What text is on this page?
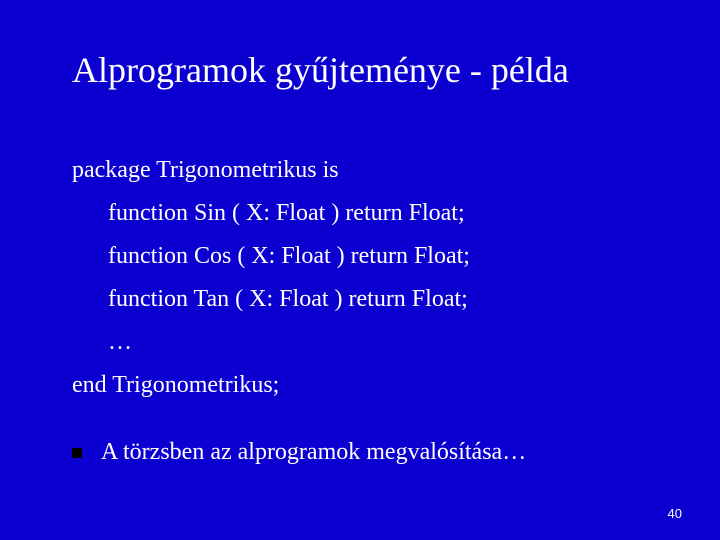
Alprogramok gyűjteménye - példa
package Trigonometrikus is
function Sin ( X: Float ) return Float;
function Cos ( X: Float ) return Float;
function Tan ( X: Float ) return Float;
…
end Trigonometrikus;
A törzsben az alprogramok megvalósítása…
40
